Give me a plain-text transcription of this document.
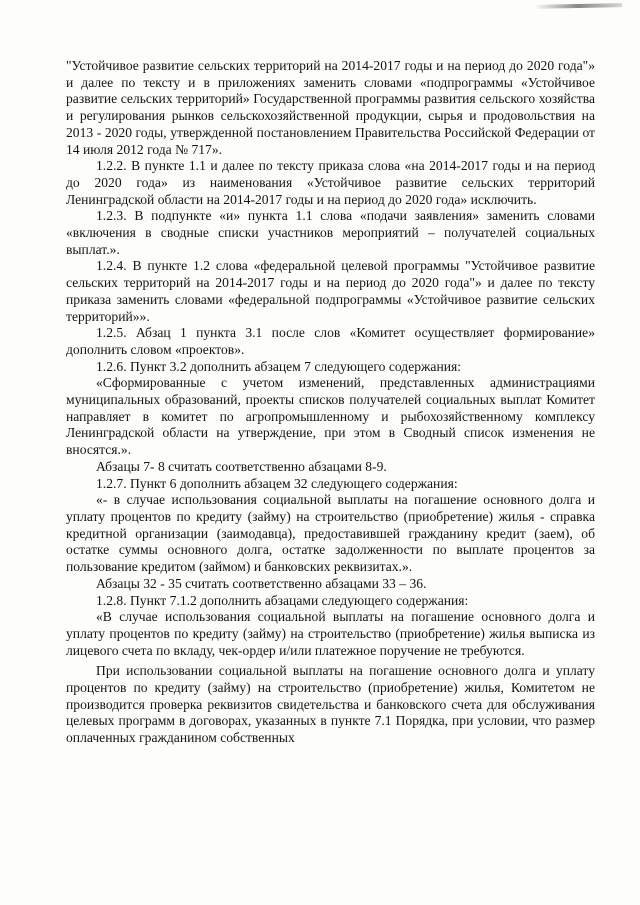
"Устойчивое развитие сельских территорий на 2014-2017 годы и на период до 2020 года"» и далее по тексту и в приложениях заменить словами «подпрограммы «Устойчивое развитие сельских территорий» Государственной программы развития сельского хозяйства и регулирования рынков сельскохозяйственной продукции, сырья и продовольствия на 2013 - 2020 годы, утвержденной постановлением Правительства Российской Федерации от 14 июля 2012 года № 717».

1.2.2. В пункте 1.1 и далее по тексту приказа слова «на 2014-2017 годы и на период до 2020 года» из наименования «Устойчивое развитие сельских территорий Ленинградской области на 2014-2017 годы и на период до 2020 года» исключить.

1.2.3. В подпункте «и» пункта 1.1 слова «подачи заявления» заменить словами «включения в сводные списки участников мероприятий – получателей социальных выплат.».

1.2.4. В пункте 1.2 слова «федеральной целевой программы "Устойчивое развитие сельских территорий на 2014-2017 годы и на период до 2020 года"» и далее по тексту приказа заменить словами «федеральной подпрограммы «Устойчивое развитие сельских территорий»».

1.2.5. Абзац 1 пункта 3.1 после слов «Комитет осуществляет формирование» дополнить словом «проектов».

1.2.6. Пункт 3.2 дополнить абзацем 7 следующего содержания:

«Сформированные с учетом изменений, представленных администрациями муниципальных образований, проекты списков получателей социальных выплат Комитет направляет в комитет по агропромышленному и рыбохозяйственному комплексу Ленинградской области на утверждение, при этом в Сводный список изменения не вносятся.».

Абзацы 7- 8 считать соответственно абзацами 8-9.

1.2.7. Пункт 6 дополнить абзацем 32 следующего содержания:

«- в случае использования социальной выплаты на погашение основного долга и уплату процентов по кредиту (займу) на строительство (приобретение) жилья - справка кредитной организации (заимодавца), предоставившей гражданину кредит (заем), об остатке суммы основного долга, остатке задолженности по выплате процентов за пользование кредитом (займом) и банковских реквизитах.».

Абзацы 32 - 35 считать соответственно абзацами 33 – 36.

1.2.8. Пункт 7.1.2 дополнить абзацами следующего содержания:

«В случае использования социальной выплаты на погашение основного долга и уплату процентов по кредиту (займу) на строительство (приобретение) жилья выписка из лицевого счета по вкладу, чек-ордер и/или платежное поручение не требуются.

При использовании социальной выплаты на погашение основного долга и уплату процентов по кредиту (займу) на строительство (приобретение) жилья, Комитетом не производится проверка реквизитов свидетельства и банковского счета для обслуживания целевых программ в договорах, указанных в пункте 7.1 Порядка, при условии, что размер оплаченных гражданином собственных
